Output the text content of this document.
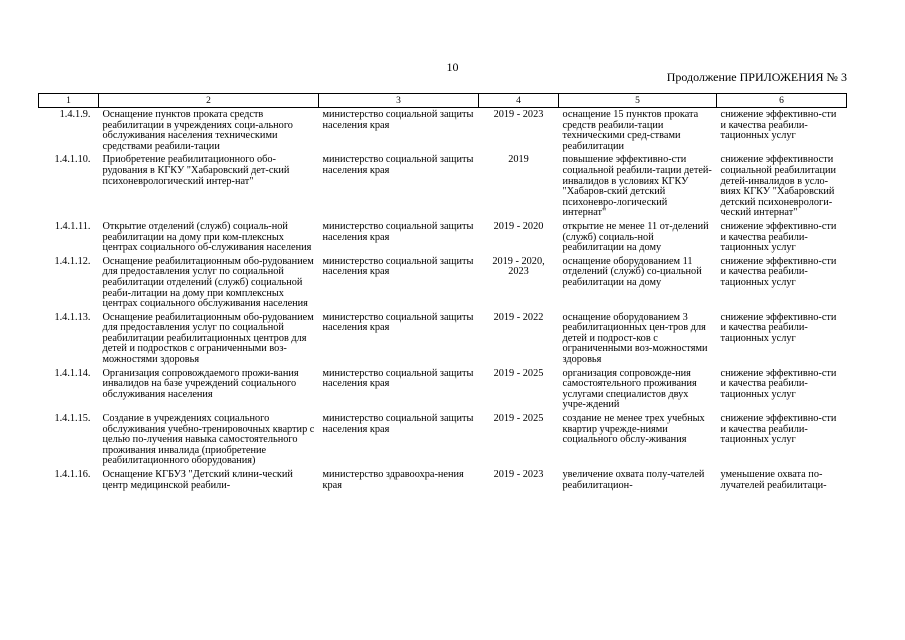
10
Продолжение ПРИЛОЖЕНИЯ № 3
1	2	3	4	5	6
1.4.1.9.	Оснащение пунктов проката средств реабилитации в учреждениях соци-ального обслуживания населения техническими средствами реабили-тации	министерство социальной защиты населения края	2019 - 2023	оснащение 15 пунктов проката средств реабили-тации техническими сред-ствами реабилитации	снижение эффективно-сти и качества реабили-тационных услуг
1.4.1.10.	Приобретение реабилитационного обо-рудования в КГКУ "Хабаровский дет-ский психоневрологический интер-нат"	министерство социальной защиты населения края	2019	повышение эффективно-сти социальной реабили-тации детей-инвалидов в условиях КГКУ "Хабаров-ский детский психоневро-логический интернат"	снижение эффективности социальной реабилитации детей-инвалидов в усло-виях КГКУ "Хабаровский детский психоневрологи-ческий интернат"
1.4.1.11.	Открытие отделений (служб) социаль-ной реабилитации на дому при ком-плексных центрах социального об-служивания населения	министерство социальной защиты населения края	2019 - 2020	открытие не менее 11 от-делений (служб) социаль-ной реабилитации на дому	снижение эффективно-сти и качества реабили-тационных услуг
1.4.1.12.	Оснащение реабилитационным обо-рудованием для предоставления услуг по социальной реабилитации отделений (служб) социальной реаби-литации на дому при комплексных центрах социального обслуживания населения	министерство социальной защиты населения края	2019 - 2020, 2023	оснащение оборудованием 11 отделений (служб) со-циальной реабилитации на дому	снижение эффективно-сти и качества реабили-тационных услуг
1.4.1.13.	Оснащение реабилитационным обо-рудованием для предоставления услуг по социальной реабилитации реабилитационных центров для детей и подростков с ограниченными воз-можностями здоровья	министерство социальной защиты населения края	2019 - 2022	оснащение оборудованием 3 реабилитационных цен-тров для детей и подрост-ков с ограниченными воз-можностями здоровья	снижение эффективно-сти и качества реабили-тационных услуг
1.4.1.14.	Организация сопровождаемого прожи-вания инвалидов на базе учреждений социального обслуживания населения	министерство социальной защиты населения края	2019 - 2025	организация сопровожде-ния самостоятельного проживания услугами специалистов двух учре-ждений	снижение эффективно-сти и качества реабили-тационных услуг
1.4.1.15.	Создание в учреждениях социального обслуживания учебно-тренировочных квартир с целью по-лучения навыка самостоятельного проживания инвалида (приобретение реабилитационного оборудования)	министерство социальной защиты населения края	2019 - 2025	создание не менее трех учебных квартир учрежде-ниями социального обслу-живания	снижение эффективно-сти и качества реабили-тационных услуг
1.4.1.16.	Оснащение КГБУЗ "Детский клини-ческий центр медицинской реабили-	министерство здравоохра-нения края	2019 - 2023	увеличение охвата полу-чателей реабилитацион-	уменьшение охвата по-лучателей реабилитаци-
